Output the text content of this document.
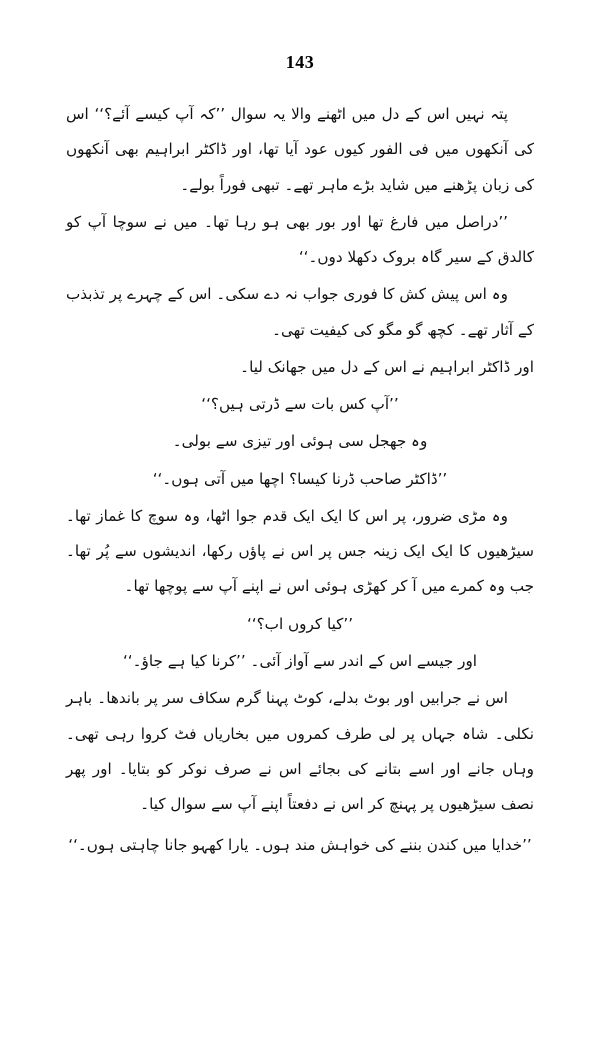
143

پتہ نہیں اس کے دل میں اٹھنے والا یہ سوال ’’کہ آپ کیسے آئے؟‘‘ اس کی آنکھوں میں فی الفور کیوں عود آیا تھا، اور ڈاکٹر ابراہیم بھی آنکھوں کی زبان پڑھنے میں شاید بڑے ماہر تھے۔ تبھی فوراً بولے۔

’’دراصل میں فارغ تھا اور بور بھی ہو رہا تھا۔ میں نے سوچا آپ کو کالدق کے سیر گاہ بروک دکھلا دوں۔‘‘

وہ اس پیش کش کا فوری جواب نہ دے سکی۔ اس کے چہرے پر تذبذب کے آثار تھے۔ کچھ گو مگو کی کیفیت تھی۔

اور ڈاکٹر ابراہیم نے اس کے دل میں جھانک لیا۔

’’آپ کس بات سے ڈرتی ہیں؟‘‘

وہ جھجل سی ہوئی اور تیزی سے بولی۔

’’ڈاکٹر صاحب ڈرنا کیسا؟ اچھا میں آتی ہوں۔‘‘

وہ مڑی ضرور، پر اس کا ایک ایک قدم جوا اٹھا، وہ سوچ کا غماز تھا۔ سیڑھیوں کا ایک ایک زینہ جس پر اس نے پاؤں رکھا، اندیشوں سے پُر تھا۔ جب وہ کمرے میں آ کر کھڑی ہوئی اس نے اپنے آپ سے پوچھا تھا۔

’’کیا کروں اب؟‘‘

اور جیسے اس کے اندر سے آواز آئی۔ ’’کرنا کیا ہے جاؤ۔‘‘

اس نے جرابیں اور بوٹ بدلے، کوٹ پہنا گرم سکاف سر پر باندھا۔ باہر نکلی۔ شاہ جہاں پر لی طرف کمروں میں بخاریاں فٹ کروا رہی تھی۔ وہاں جانے اور اسے بتانے کی بجائے اس نے صرف نوکر کو بتایا۔ اور پھر نصف سیڑھیوں پر پہنچ کر اس نے دفعتاً اپنے آپ سے سوال کیا۔

’’خدایا میں کندن بننے کی خواہش مند ہوں۔ یارا کھہو جانا چاہتی ہوں۔‘‘
